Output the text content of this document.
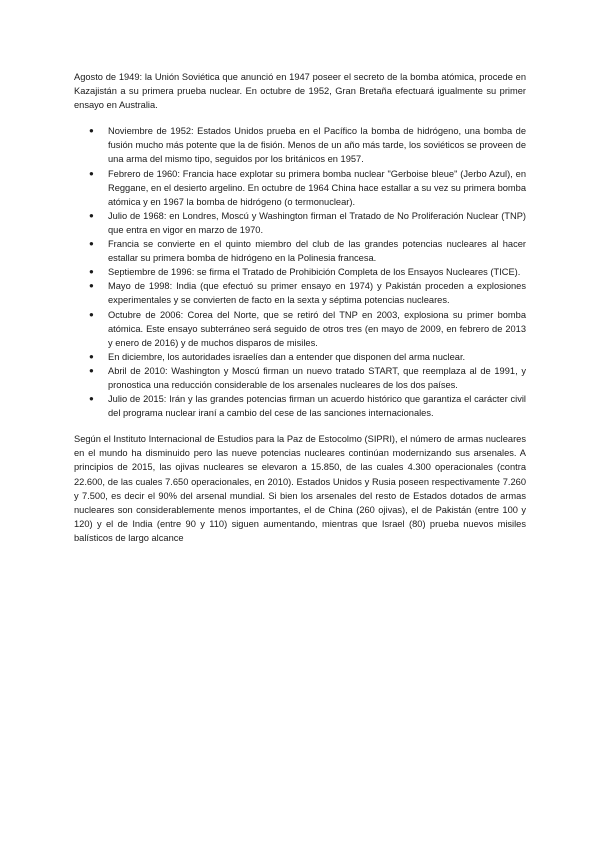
Agosto de 1949: la Unión Soviética que anunció en 1947 poseer el secreto de la bomba atómica, procede en Kazajistán a su primera prueba nuclear. En octubre de 1952, Gran Bretaña efectuará igualmente su primer ensayo en Australia.

● Noviembre de 1952: Estados Unidos prueba en el Pacífico la bomba de hidrógeno, una bomba de fusión mucho más potente que la de fisión. Menos de un año más tarde, los soviéticos se proveen de una arma del mismo tipo, seguidos por los británicos en 1957.
● Febrero de 1960: Francia hace explotar su primera bomba nuclear "Gerboise bleue" (Jerbo Azul), en Reggane, en el desierto argelino. En octubre de 1964 China hace estallar a su vez su primera bomba atómica y en 1967 la bomba de hidrógeno (o termonuclear).
● Julio de 1968: en Londres, Moscú y Washington firman el Tratado de No Proliferación Nuclear (TNP) que entra en vigor en marzo de 1970.
● Francia se convierte en el quinto miembro del club de las grandes potencias nucleares al hacer estallar su primera bomba de hidrógeno en la Polinesia francesa.
● Septiembre de 1996: se firma el Tratado de Prohibición Completa de los Ensayos Nucleares (TICE).
● Mayo de 1998: India (que efectuó su primer ensayo en 1974) y Pakistán proceden a explosiones experimentales y se convierten de facto en la sexta y séptima potencias nucleares.
● Octubre de 2006: Corea del Norte, que se retiró del TNP en 2003, explosiona su primer bomba atómica. Este ensayo subterráneo será seguido de otros tres (en mayo de 2009, en febrero de 2013 y enero de 2016) y de muchos disparos de misiles.
● En diciembre, los autoridades israelíes dan a entender que disponen del arma nuclear.
● Abril de 2010: Washington y Moscú firman un nuevo tratado START, que reemplaza al de 1991, y pronostica una reducción considerable de los arsenales nucleares de los dos países.
● Julio de 2015: Irán y las grandes potencias firman un acuerdo histórico que garantiza el carácter civil del programa nuclear iraní a cambio del cese de las sanciones internacionales.

Según el Instituto Internacional de Estudios para la Paz de Estocolmo (SIPRI), el número de armas nucleares en el mundo ha disminuido pero las nueve potencias nucleares continúan modernizando sus arsenales. A principios de 2015, las ojivas nucleares se elevaron a 15.850, de las cuales 4.300 operacionales (contra 22.600, de las cuales 7.650 operacionales, en 2010). Estados Unidos y Rusia poseen respectivamente 7.260 y 7.500, es decir el 90% del arsenal mundial. Si bien los arsenales del resto de Estados dotados de armas nucleares son considerablemente menos importantes, el de China (260 ojivas), el de Pakistán (entre 100 y 120) y el de India (entre 90 y 110) siguen aumentando, mientras que Israel (80) prueba nuevos misiles balísticos de largo alcance
